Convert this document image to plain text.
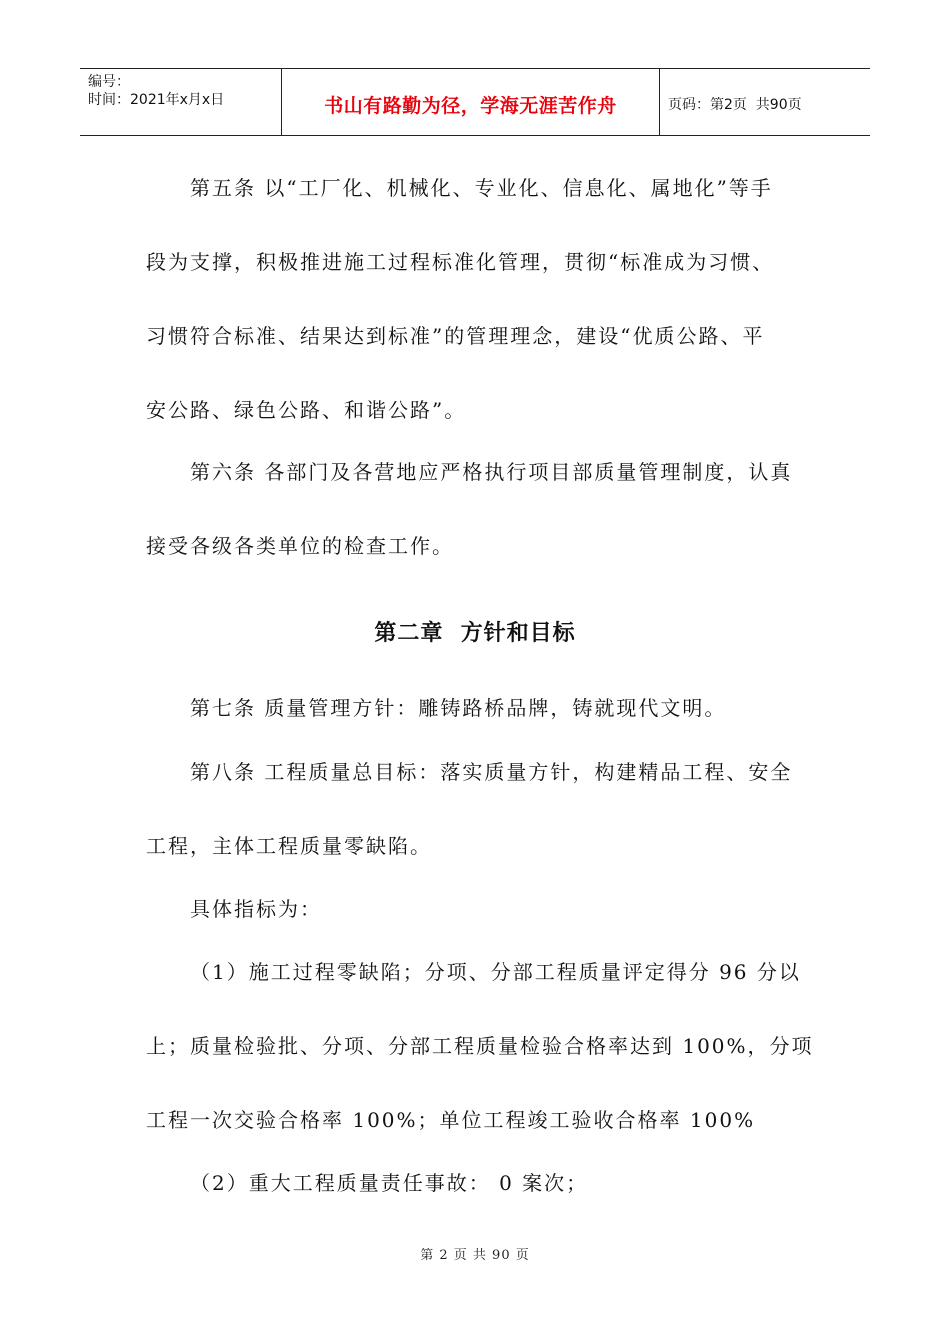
编号：
时间：2021年x月x日	书山有路勤为径，学海无涯苦作舟	页码：第2页  共90页
第五条 以“工厂化、机械化、专业化、信息化、属地化”等手
段为支撑，积极推进施工过程标准化管理，贯彻“标准成为习惯、
习惯符合标准、结果达到标准”的管理理念，建设“优质公路、平
安公路、绿色公路、和谐公路”。
第六条 各部门及各营地应严格执行项目部质量管理制度，认真
接受各级各类单位的检查工作。
第二章  方针和目标
第七条 质量管理方针：雕铸路桥品牌，铸就现代文明。
第八条 工程质量总目标：落实质量方针，构建精品工程、安全
工程，主体工程质量零缺陷。
具体指标为：
（1）施工过程零缺陷；分项、分部工程质量评定得分 96 分以
上；质量检验批、分项、分部工程质量检验合格率达到 100%，分项
工程一次交验合格率 100%；单位工程竣工验收合格率 100%
（2）重大工程质量责任事故： 0 案次；
第 2 页 共 90 页
